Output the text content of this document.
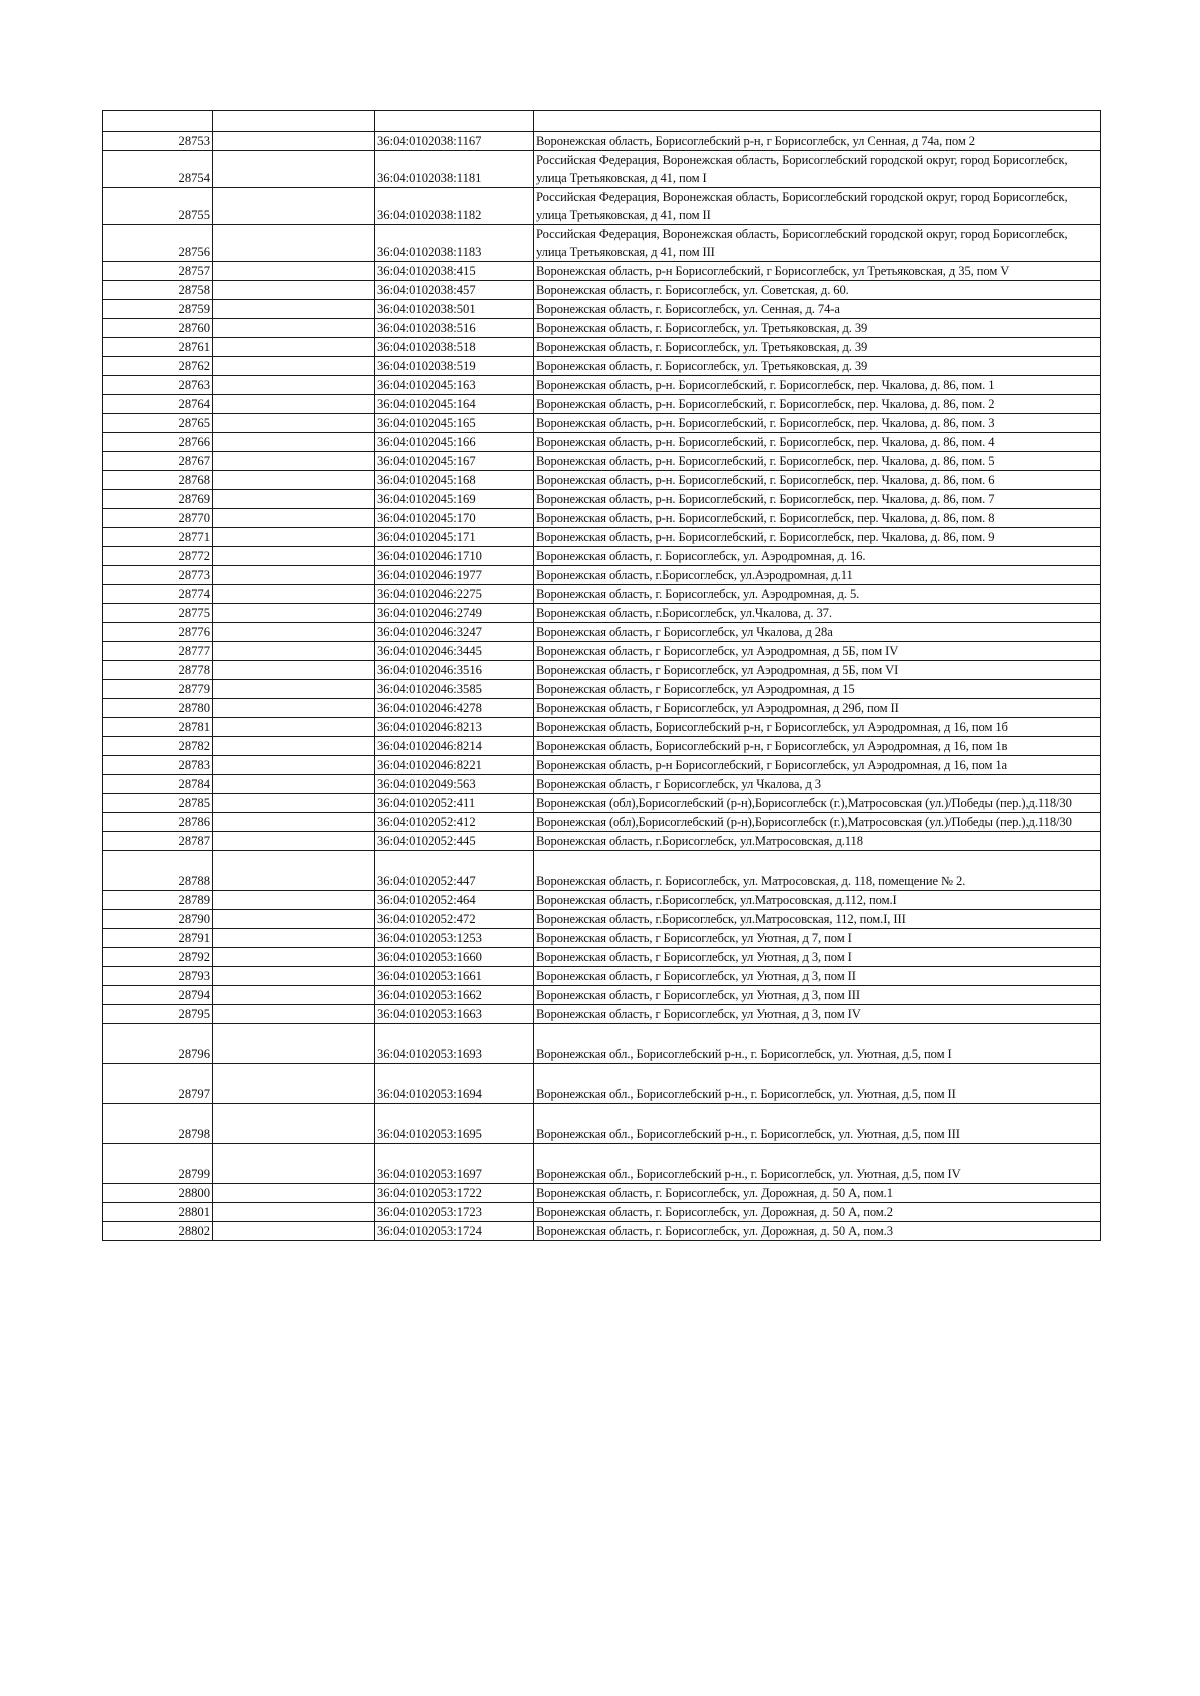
28753		36:04:0102038:1167	Воронежская область, Борисоглебский р-н, г Борисоглебск, ул Сенная, д 74а, пом 2
28754		36:04:0102038:1181	Российская Федерация, Воронежская область, Борисоглебский городской округ, город Борисоглебск, улица Третьяковская, д 41, пом I
28755		36:04:0102038:1182	Российская Федерация, Воронежская область, Борисоглебский городской округ, город Борисоглебск, улица Третьяковская, д 41, пом II
28756		36:04:0102038:1183	Российская Федерация, Воронежская область, Борисоглебский городской округ, город Борисоглебск, улица Третьяковская, д 41, пом III
28757		36:04:0102038:415	Воронежская область, р-н Борисоглебский, г Борисоглебск, ул Третьяковская, д 35, пом V
28758		36:04:0102038:457	Воронежская область, г. Борисоглебск, ул. Советская, д. 60.
28759		36:04:0102038:501	Воронежская область, г. Борисоглебск, ул. Сенная, д. 74-а
28760		36:04:0102038:516	Воронежская область, г. Борисоглебск, ул. Третьяковская, д. 39
28761		36:04:0102038:518	Воронежская область, г. Борисоглебск, ул. Третьяковская, д. 39
28762		36:04:0102038:519	Воронежская область, г. Борисоглебск, ул. Третьяковская, д. 39
28763		36:04:0102045:163	Воронежская область, р-н. Борисоглебский, г. Борисоглебск, пер. Чкалова, д. 86, пом. 1
28764		36:04:0102045:164	Воронежская область, р-н. Борисоглебский, г. Борисоглебск, пер. Чкалова, д. 86, пом. 2
28765		36:04:0102045:165	Воронежская область, р-н. Борисоглебский, г. Борисоглебск, пер. Чкалова, д. 86, пом. 3
28766		36:04:0102045:166	Воронежская область, р-н. Борисоглебский, г. Борисоглебск, пер. Чкалова, д. 86, пом. 4
28767		36:04:0102045:167	Воронежская область, р-н. Борисоглебский, г. Борисоглебск, пер. Чкалова, д. 86, пом. 5
28768		36:04:0102045:168	Воронежская область, р-н. Борисоглебский, г. Борисоглебск, пер. Чкалова, д. 86, пом. 6
28769		36:04:0102045:169	Воронежская область, р-н. Борисоглебский, г. Борисоглебск, пер. Чкалова, д. 86, пом. 7
28770		36:04:0102045:170	Воронежская область, р-н. Борисоглебский, г. Борисоглебск, пер. Чкалова, д. 86, пом. 8
28771		36:04:0102045:171	Воронежская область, р-н. Борисоглебский, г. Борисоглебск, пер. Чкалова, д. 86, пом. 9
28772		36:04:0102046:1710	Воронежская область, г. Борисоглебск, ул. Аэродромная, д. 16.
28773		36:04:0102046:1977	Воронежская область, г.Борисоглебск, ул.Аэродромная, д.11
28774		36:04:0102046:2275	Воронежская область, г. Борисоглебск, ул. Аэродромная, д. 5.
28775		36:04:0102046:2749	Воронежская область, г.Борисоглебск, ул.Чкалова, д. 37.
28776		36:04:0102046:3247	Воронежская область, г Борисоглебск, ул Чкалова, д 28а
28777		36:04:0102046:3445	Воронежская область, г Борисоглебск, ул Аэродромная, д 5Б, пом IV
28778		36:04:0102046:3516	Воронежская область, г Борисоглебск, ул Аэродромная, д 5Б, пом VI
28779		36:04:0102046:3585	Воронежская область, г Борисоглебск, ул Аэродромная, д 15
28780		36:04:0102046:4278	Воронежская область, г Борисоглебск, ул Аэродромная, д 29б, пом II
28781		36:04:0102046:8213	Воронежская область, Борисоглебский р-н, г Борисоглебск, ул Аэродромная, д 16, пом 1б
28782		36:04:0102046:8214	Воронежская область, Борисоглебский р-н, г Борисоглебск, ул Аэродромная, д 16, пом 1в
28783		36:04:0102046:8221	Воронежская область, р-н Борисоглебский, г Борисоглебск, ул Аэродромная, д 16, пом 1а
28784		36:04:0102049:563	Воронежская область, г Борисоглебск, ул Чкалова, д 3
28785		36:04:0102052:411	Воронежская (обл),Борисоглебский (р-н),Борисоглебск (г.),Матросовская (ул.)/Победы (пер.),д.118/30
28786		36:04:0102052:412	Воронежская (обл),Борисоглебский (р-н),Борисоглебск (г.),Матросовская (ул.)/Победы (пер.),д.118/30
28787		36:04:0102052:445	Воронежская область, г.Борисоглебск, ул.Матросовская, д.118
28788		36:04:0102052:447	Воронежская область, г. Борисоглебск, ул. Матросовская, д. 118, помещение № 2.
28789		36:04:0102052:464	Воронежская область, г.Борисоглебск, ул.Матросовская, д.112, пом.I
28790		36:04:0102052:472	Воронежская область, г.Борисоглебск, ул.Матросовская, 112, пом.I, III
28791		36:04:0102053:1253	Воронежская область, г Борисоглебск, ул Уютная, д 7, пом I
28792		36:04:0102053:1660	Воронежская область, г Борисоглебск, ул Уютная, д 3, пом I
28793		36:04:0102053:1661	Воронежская область, г Борисоглебск, ул Уютная, д 3, пом II
28794		36:04:0102053:1662	Воронежская область, г Борисоглебск, ул Уютная, д 3, пом III
28795		36:04:0102053:1663	Воронежская область, г Борисоглебск, ул Уютная, д 3, пом IV
28796		36:04:0102053:1693	Воронежская обл., Борисоглебский р-н., г. Борисоглебск, ул. Уютная, д.5, пом I
28797		36:04:0102053:1694	Воронежская обл., Борисоглебский р-н., г. Борисоглебск, ул. Уютная, д.5, пом II
28798		36:04:0102053:1695	Воронежская обл., Борисоглебский р-н., г. Борисоглебск, ул. Уютная, д.5, пом III
28799		36:04:0102053:1697	Воронежская обл., Борисоглебский р-н., г. Борисоглебск, ул. Уютная, д.5, пом IV
28800		36:04:0102053:1722	Воронежская область, г. Борисоглебск, ул. Дорожная, д. 50 А, пом.1
28801		36:04:0102053:1723	Воронежская область, г. Борисоглебск, ул. Дорожная, д. 50 А, пом.2
28802		36:04:0102053:1724	Воронежская область, г. Борисоглебск, ул. Дорожная, д. 50 А, пом.3
